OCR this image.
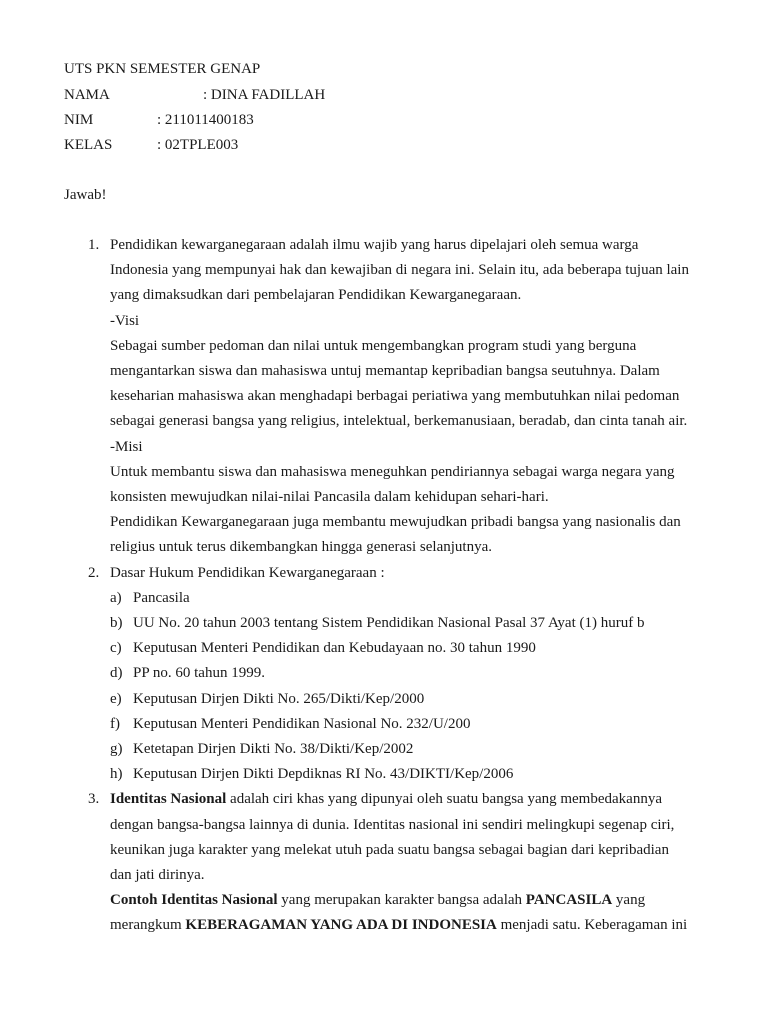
UTS PKN SEMESTER GENAP
NAMA	: DINA FADILLAH
NIM	: 211011400183
KELAS	: 02TPLE003
Jawab!
1. Pendidikan kewarganegaraan adalah ilmu wajib yang harus dipelajari oleh semua warga
Indonesia yang mempunyai hak dan kewajiban di negara ini. Selain itu, ada beberapa tujuan lain
yang dimaksudkan dari pembelajaran Pendidikan Kewarganegaraan.
-Visi
Sebagai sumber pedoman dan nilai untuk mengembangkan program studi yang berguna
mengantarkan siswa dan mahasiswa untuj memantap kepribadian bangsa seutuhnya. Dalam
keseharian mahasiswa akan menghadapi berbagai periatiwa yang membutuhkan nilai pedoman
sebagai generasi bangsa yang religius, intelektual, berkemanusiaan, beradab, dan cinta tanah air.
-Misi
Untuk membantu siswa dan mahasiswa meneguhkan pendiriannya sebagai warga negara yang
konsisten mewujudkan nilai-nilai Pancasila dalam kehidupan sehari-hari.
Pendidikan Kewarganegaraan juga membantu mewujudkan pribadi bangsa yang nasionalis dan
religius untuk terus dikembangkan hingga generasi selanjutnya.
2. Dasar Hukum Pendidikan Kewarganegaraan :
a) Pancasila
b) UU No. 20 tahun 2003 tentang Sistem Pendidikan Nasional Pasal 37 Ayat (1) huruf b
c) Keputusan Menteri Pendidikan dan Kebudayaan no. 30 tahun 1990
d) PP no. 60 tahun 1999.
e) Keputusan Dirjen Dikti No. 265/Dikti/Kep/2000
f) Keputusan Menteri Pendidikan Nasional No. 232/U/200
g) Ketetapan Dirjen Dikti No. 38/Dikti/Kep/2002
h) Keputusan Dirjen Dikti Depdiknas RI No. 43/DIKTI/Kep/2006
3. Identitas Nasional adalah ciri khas yang dipunyai oleh suatu bangsa yang membedakannya
dengan bangsa-bangsa lainnya di dunia. Identitas nasional ini sendiri melingkupi segenap ciri,
keunikan juga karakter yang melekat utuh pada suatu bangsa sebagai bagian dari kepribadian
dan jati dirinya.
Contoh Identitas Nasional yang merupakan karakter bangsa adalah PANCASILA yang
merangkum KEBERAGAMAN YANG ADA DI INDONESIA menjadi satu. Keberagaman ini
